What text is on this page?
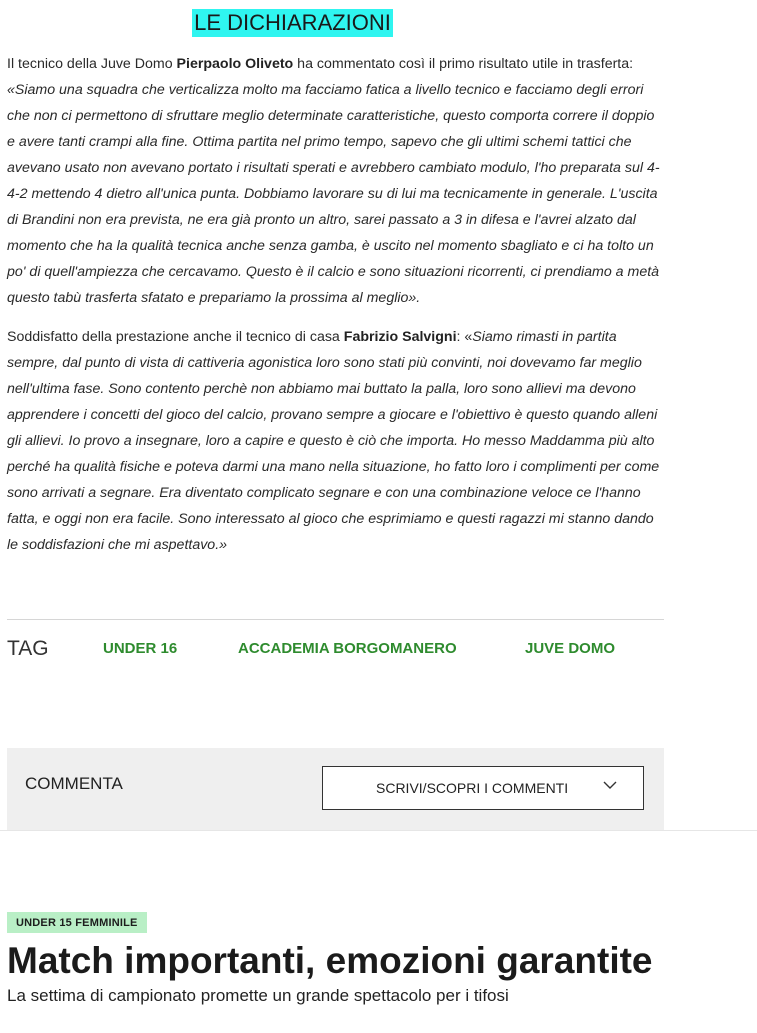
LE DICHIARAZIONI

Il tecnico della Juve Domo Pierpaolo Oliveto ha commentato così il primo risultato utile in trasferta: «Siamo una squadra che verticalizza molto ma facciamo fatica a livello tecnico e facciamo degli errori che non ci permettono di sfruttare meglio determinate caratteristiche, questo comporta correre il doppio e avere tanti crampi alla fine. Ottima partita nel primo tempo, sapevo che gli ultimi schemi tattici che avevano usato non avevano portato i risultati sperati e avrebbero cambiato modulo, l'ho preparata sul 4-4-2 mettendo 4 dietro all'unica punta. Dobbiamo lavorare su di lui ma tecnicamente in generale. L'uscita di Brandini non era prevista, ne era già pronto un altro, sarei passato a 3 in difesa e l'avrei alzato dal momento che ha la qualità tecnica anche senza gamba, è uscito nel momento sbagliato e ci ha tolto un po' di quell'ampiezza che cercavamo. Questo è il calcio e sono situazioni ricorrenti, ci prendiamo a metà questo tabù trasferta sfatato e prepariamo la prossima al meglio».

Soddisfatto della prestazione anche il tecnico di casa Fabrizio Salvigni: «Siamo rimasti in partita sempre, dal punto di vista di cattiveria agonistica loro sono stati più convinti, noi dovevamo far meglio nell'ultima fase. Sono contento perchè non abbiamo mai buttato la palla, loro sono allievi ma devono apprendere i concetti del gioco del calcio, provano sempre a giocare e l'obiettivo è questo quando alleni gli allievi. Io provo a insegnare, loro a capire e questo è ciò che importa. Ho messo Maddamma più alto perché ha qualità fisiche e poteva darmi una mano nella situazione, ho fatto loro i complimenti per come sono arrivati a segnare. Era diventato complicato segnare e con una combinazione veloce ce l'hanno fatta, e oggi non era facile. Sono interessato al gioco che esprimiamo e questi ragazzi mi stanno dando le soddisfazioni che mi aspettavo.»

TAG	UNDER 16	ACCADEMIA BORGOMANERO	JUVE DOMO
COMMENTA	SCRIVI/SCOPRI I COMMENTI
UNDER 15 FEMMINILE
Match importanti, emozioni garantite

La settima di campionato promette un grande spettacolo per i tifosi
